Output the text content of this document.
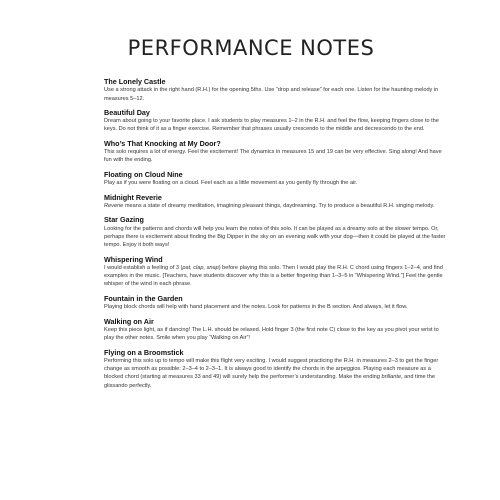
PERFORMANCE NOTES
The Lonely Castle

Use a strong attack in the right hand (R.H.) for the opening 5ths. Use “drop and release” for each one. Listen for the haunting melody in measures 5–12.

Beautiful Day

Dream about going to your favorite place. I ask students to play measures 1–2 in the R.H. and feel the flow, keeping fingers close to the keys. Do not think of it as a finger exercise. Remember that phrases usually crescendo to the middle and decrescendo to the end.

Who’s That Knocking at My Door?

This solo requires a lot of energy. Feel the excitement! The dynamics in measures 15 and 19 can be very effective. Sing along! And have fun with the ending.

Floating on Cloud Nine

Play as if you were floating on a cloud. Feel each as a little movement as you gently fly through the air.

Midnight Reverie

Reverie means a state of dreamy meditation, imagining pleasant things, daydreaming. Try to produce a beautiful R.H. singing melody.

Star Gazing

Looking for the patterns and chords will help you learn the notes of this solo. It can be played as a dreamy solo at the slower tempo. Or, perhaps there is excitement about finding the Big Dipper in the sky on an evening walk with your dog—then it could be played at the faster tempo. Enjoy it both ways!

Whispering Wind

I would establish a feeling of 3 (pat, clap, snap) before playing this solo. Then I would play the R.H. C chord using fingers 1–2–4, and find examples in the music. [Teachers, have students discover why this is a better fingering than 1–3–5 in “Whispering Wind.”] Feel the gentle whisper of the wind in each phrase.

Fountain in the Garden

Playing block chords will help with hand placement and the notes. Look for patterns in the B section. And always, let it flow.

Walking on Air

Keep this piece light, as if dancing! The L.H. should be relaxed. Hold finger 3 (the first note C) close to the key as you pivot your wrist to play the other notes. Smile when you play “Walking on Air”!

Flying on a Broomstick

Performing this solo up to tempo will make this flight very exciting. I would suggest practicing the R.H. in measures 2–3 to get the finger change as smooth as possible: 2–3–4 to 2–3–1. It is always good to identify the chords in the arpeggios. Playing each measure as a blocked chord (starting at measures 33 and 49) will surely help the performer’s understanding. Make the ending brillante, and time the glissando perfectly.
